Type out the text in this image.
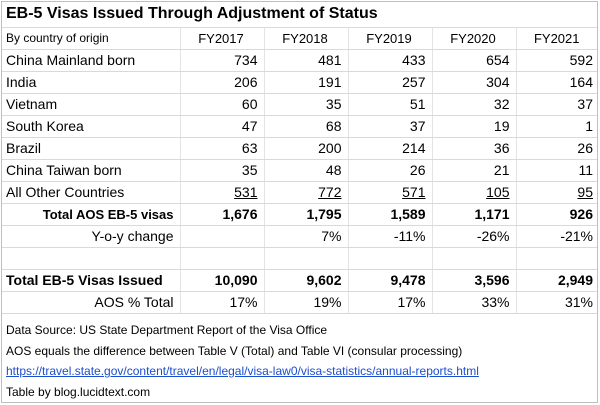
EB-5 Visas Issued Through Adjustment of Status
By country of origin	FY2017	FY2018	FY2019	FY2020	FY2021
China Mainland born	734	481	433	654	592
India	206	191	257	304	164
Vietnam	60	35	51	32	37
South Korea	47	68	37	19	1
Brazil	63	200	214	36	26
China Taiwan born	35	48	26	21	11
All Other Countries	531	772	571	105	95
Total AOS EB-5 visas	1,676	1,795	1,589	1,171	926
Y-o-y change		7%	-11%	-26%	-21%

Total EB-5 Visas Issued	10,090	9,602	9,478	3,596	2,949
AOS % Total	17%	19%	17%	33%	31%
Data Source: US State Department Report of the Visa Office
AOS equals the difference between Table V (Total) and Table VI (consular processing)
https://travel.state.gov/content/travel/en/legal/visa-law0/visa-statistics/annual-reports.html
Table by blog.lucidtext.com
